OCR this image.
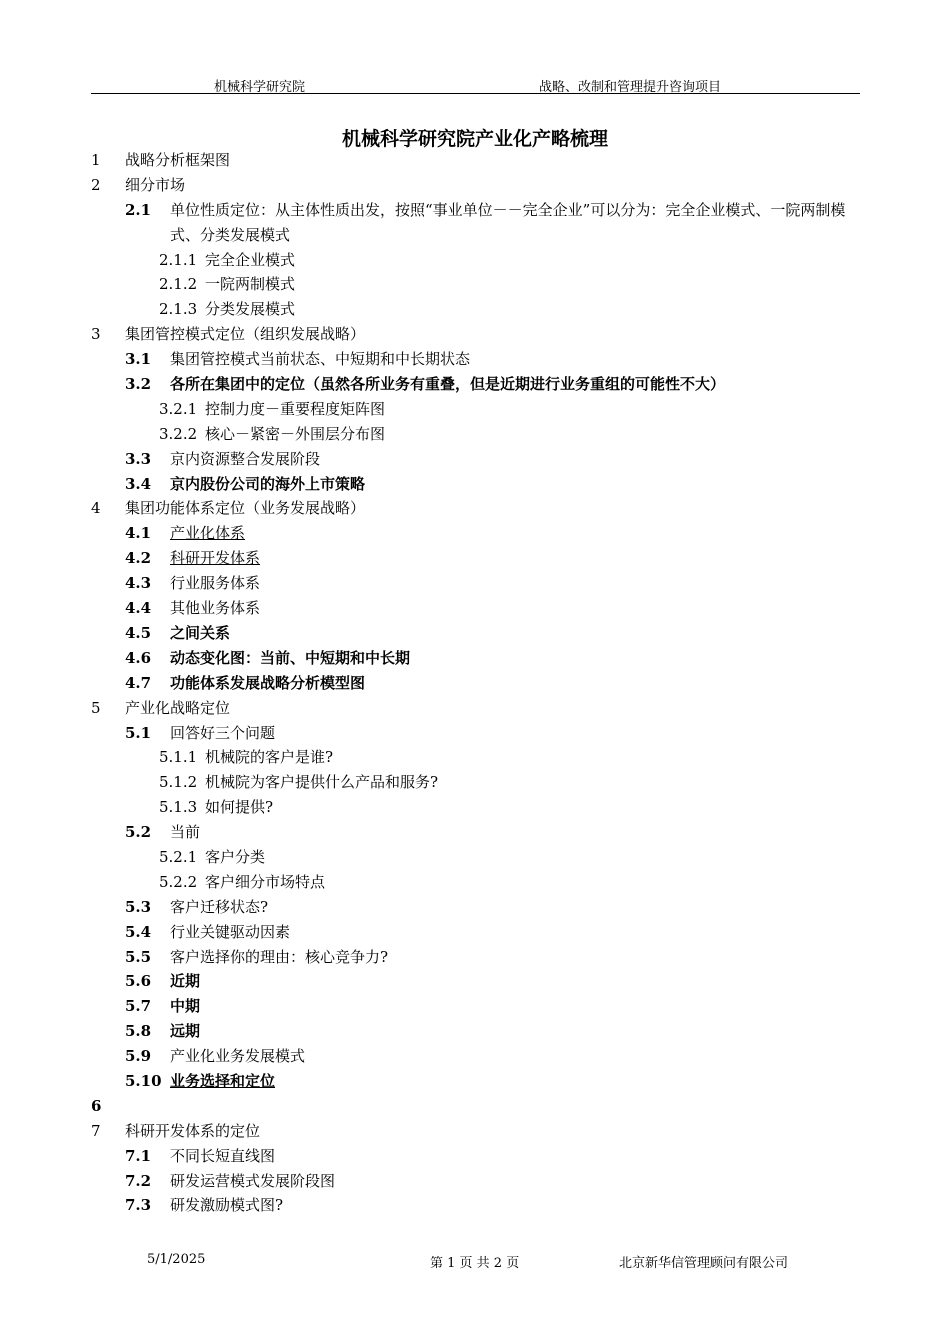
机械科学研究院	战略、改制和管理提升咨询项目
机械科学研究院产业化产略梳理
1 战略分析框架图
2 细分市场
2.1 单位性质定位：从主体性质出发，按照“事业单位－－完全企业”可以分为：完全企业模式、一院两制模式、分类发展模式
2.1.1 完全企业模式
2.1.2 一院两制模式
2.1.3 分类发展模式
3 集团管控模式定位（组织发展战略）
3.1 集团管控模式当前状态、中短期和中长期状态
3.2 各所在集团中的定位（虽然各所业务有重叠，但是近期进行业务重组的可能性不大）
3.2.1 控制力度－重要程度矩阵图
3.2.2 核心－紧密－外围层分布图
3.3 京内资源整合发展阶段
3.4 京内股份公司的海外上市策略
4 集团功能体系定位（业务发展战略）
4.1 产业化体系
4.2 科研开发体系
4.3 行业服务体系
4.4 其他业务体系
4.5 之间关系
4.6 动态变化图：当前、中短期和中长期
4.7 功能体系发展战略分析模型图
5 产业化战略定位
5.1 回答好三个问题
5.1.1 机械院的客户是谁?
5.1.2 机械院为客户提供什么产品和服务?
5.1.3 如何提供?
5.2 当前
5.2.1 客户分类
5.2.2 客户细分市场特点
5.3 客户迁移状态?
5.4 行业关键驱动因素
5.5 客户选择你的理由：核心竞争力?
5.6 近期
5.7 中期
5.8 远期
5.9 产业化业务发展模式
5.10 业务选择和定位
6
7 科研开发体系的定位
7.1 不同长短直线图
7.2 研发运营模式发展阶段图
7.3 研发激励模式图?
5/1/2025	第 1 页 共 2 页	北京新华信管理顾问有限公司
